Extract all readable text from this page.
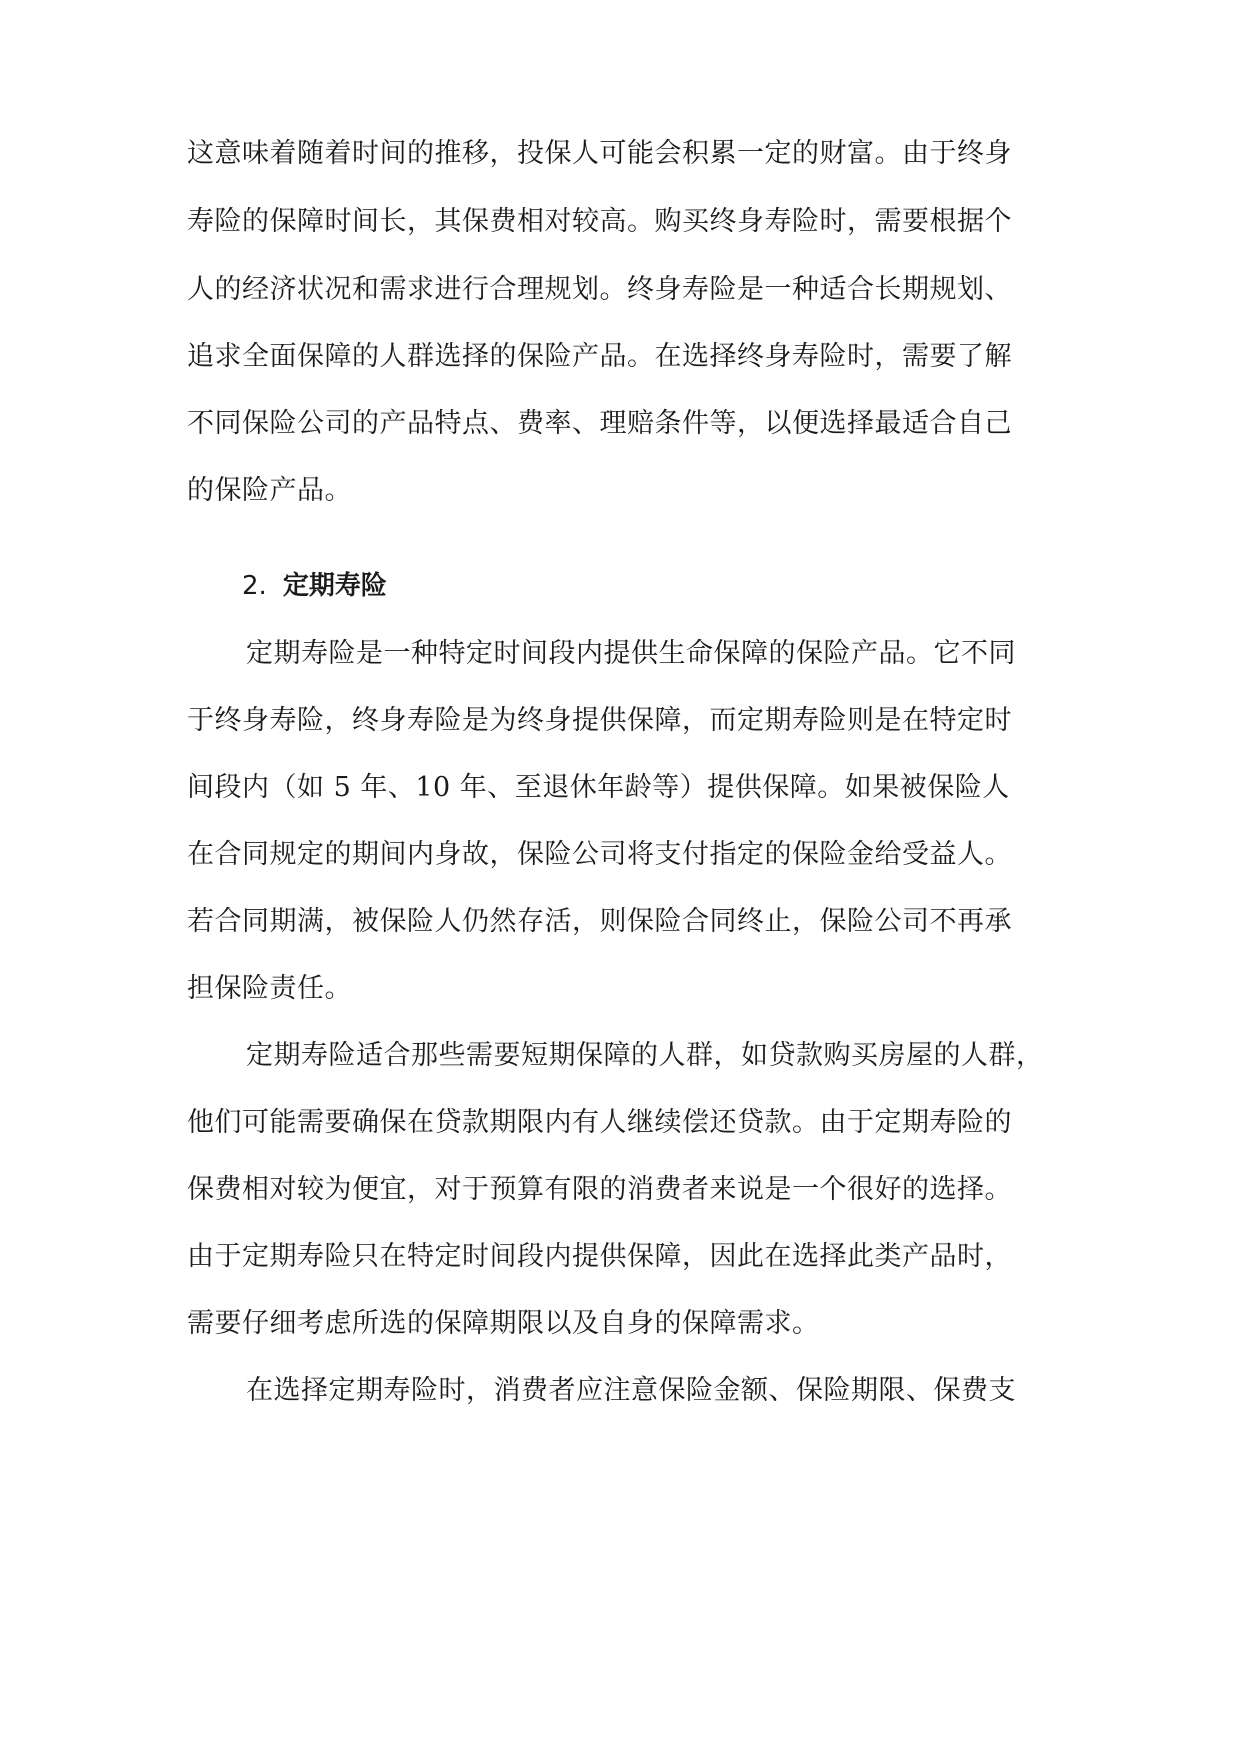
这意味着随着时间的推移，投保人可能会积累一定的财富。由于终身
寿险的保障时间长，其保费相对较高。购买终身寿险时，需要根据个
人的经济状况和需求进行合理规划。终身寿险是一种适合长期规划、
追求全面保障的人群选择的保险产品。在选择终身寿险时，需要了解
不同保险公司的产品特点、费率、理赔条件等，以便选择最适合自己
的保险产品。
2. 定期寿险
定期寿险是一种特定时间段内提供生命保障的保险产品。它不同
于终身寿险，终身寿险是为终身提供保障，而定期寿险则是在特定时
间段内（如 5 年、10 年、至退休年龄等）提供保障。如果被保险人
在合同规定的期间内身故，保险公司将支付指定的保险金给受益人。
若合同期满，被保险人仍然存活，则保险合同终止，保险公司不再承
担保险责任。
定期寿险适合那些需要短期保障的人群，如贷款购买房屋的人群，
他们可能需要确保在贷款期限内有人继续偿还贷款。由于定期寿险的
保费相对较为便宜，对于预算有限的消费者来说是一个很好的选择。
由于定期寿险只在特定时间段内提供保障，因此在选择此类产品时，
需要仔细考虑所选的保障期限以及自身的保障需求。
在选择定期寿险时，消费者应注意保险金额、保险期限、保费支
